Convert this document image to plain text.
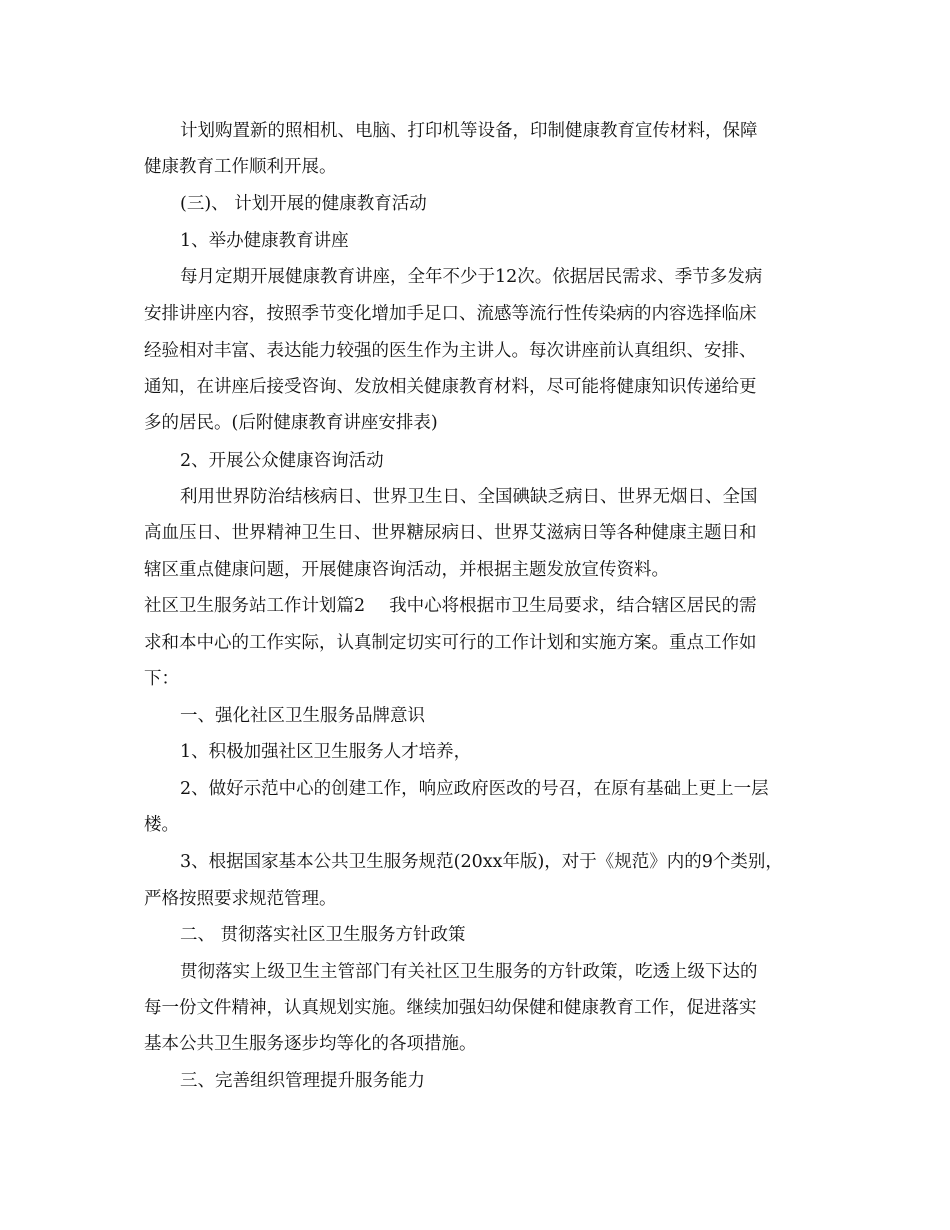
计划购置新的照相机、电脑、打印机等设备，印制健康教育宣传材料，保障
健康教育工作顺利开展。
(三)、 计划开展的健康教育活动
1、举办健康教育讲座
每月定期开展健康教育讲座，全年不少于12次。依据居民需求、季节多发病
安排讲座内容，按照季节变化增加手足口、流感等流行性传染病的内容选择临床
经验相对丰富、表达能力较强的医生作为主讲人。每次讲座前认真组织、安排、
通知，在讲座后接受咨询、发放相关健康教育材料，尽可能将健康知识传递给更
多的居民。(后附健康教育讲座安排表)
2、开展公众健康咨询活动
利用世界防治结核病日、世界卫生日、全国碘缺乏病日、世界无烟日、全国
高血压日、世界精神卫生日、世界糖尿病日、世界艾滋病日等各种健康主题日和
辖区重点健康问题，开展健康咨询活动，并根据主题发放宣传资料。
社区卫生服务站工作计划篇2 我中心将根据市卫生局要求，结合辖区居民的需
求和本中心的工作实际，认真制定切实可行的工作计划和实施方案。重点工作如
下：
一、强化社区卫生服务品牌意识
1、积极加强社区卫生服务人才培养，
2、做好示范中心的创建工作，响应政府医改的号召，在原有基础上更上一层
楼。
3、根据国家基本公共卫生服务规范(20xx年版)，对于《规范》内的9个类别，
严格按照要求规范管理。
二、 贯彻落实社区卫生服务方针政策
贯彻落实上级卫生主管部门有关社区卫生服务的方针政策，吃透上级下达的
每一份文件精神，认真规划实施。继续加强妇幼保健和健康教育工作，促进落实
基本公共卫生服务逐步均等化的各项措施。
三、完善组织管理提升服务能力
